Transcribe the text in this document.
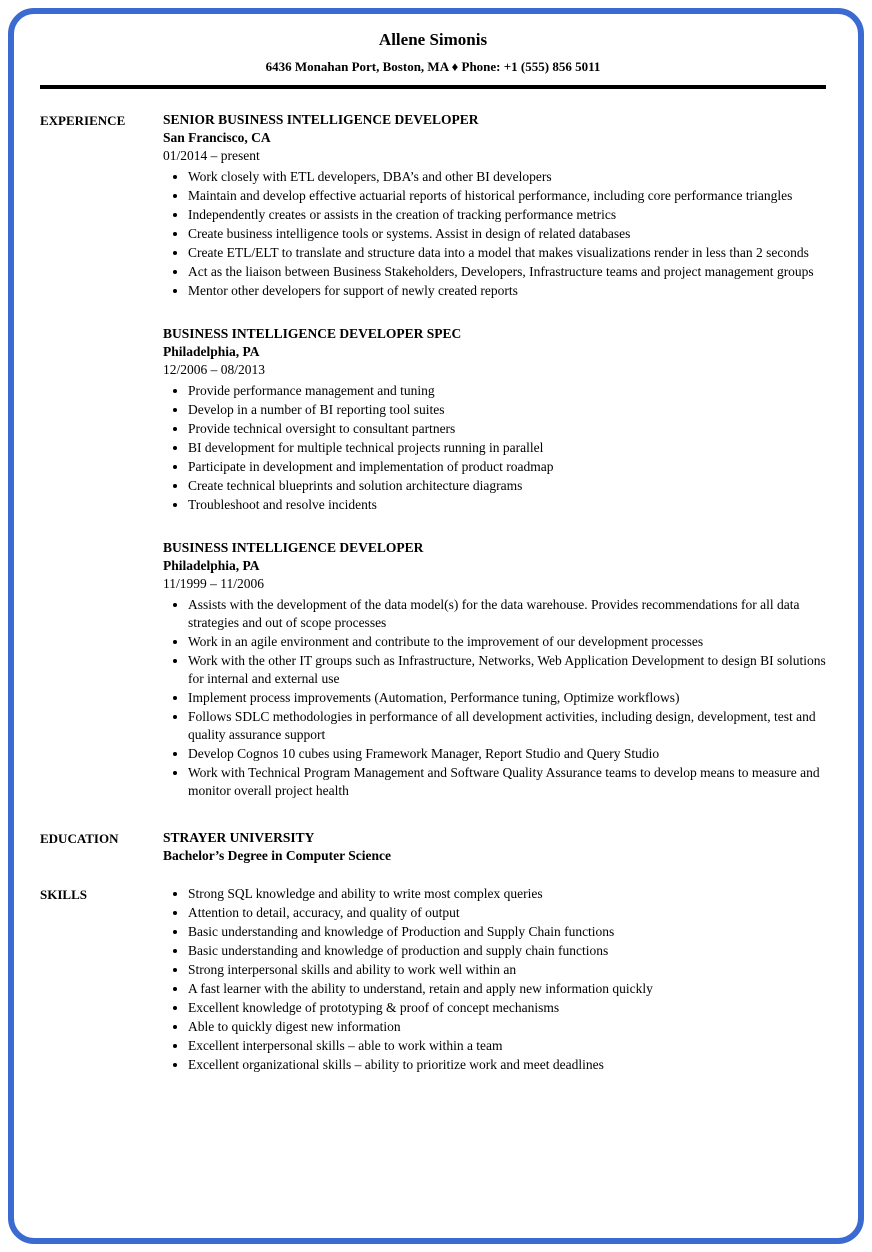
Allene Simonis
6436 Monahan Port, Boston, MA ♦ Phone: +1 (555) 856 5011
EXPERIENCE	SENIOR BUSINESS INTELLIGENCE DEVELOPER
San Francisco, CA
01/2014 – present
• Work closely with ETL developers, DBA’s and other BI developers
• Maintain and develop effective actuarial reports of historical performance, including core performance triangles
• Independently creates or assists in the creation of tracking performance metrics
• Create business intelligence tools or systems. Assist in design of related databases
• Create ETL/ELT to translate and structure data into a model that makes visualizations render in less than 2 seconds
• Act as the liaison between Business Stakeholders, Developers, Infrastructure teams and project management groups
• Mentor other developers for support of newly created reports
BUSINESS INTELLIGENCE DEVELOPER SPEC
Philadelphia, PA
12/2006 – 08/2013
• Provide performance management and tuning
• Develop in a number of BI reporting tool suites
• Provide technical oversight to consultant partners
• BI development for multiple technical projects running in parallel
• Participate in development and implementation of product roadmap
• Create technical blueprints and solution architecture diagrams
• Troubleshoot and resolve incidents
BUSINESS INTELLIGENCE DEVELOPER
Philadelphia, PA
11/1999 – 11/2006
• Assists with the development of the data model(s) for the data warehouse. Provides recommendations for all data strategies and out of scope processes
• Work in an agile environment and contribute to the improvement of our development processes
• Work with the other IT groups such as Infrastructure, Networks, Web Application Development to design BI solutions for internal and external use
• Implement process improvements (Automation, Performance tuning, Optimize workflows)
• Follows SDLC methodologies in performance of all development activities, including design, development, test and quality assurance support
• Develop Cognos 10 cubes using Framework Manager, Report Studio and Query Studio
• Work with Technical Program Management and Software Quality Assurance teams to develop means to measure and monitor overall project health
EDUCATION	STRAYER UNIVERSITY
Bachelor’s Degree in Computer Science
SKILLS	• Strong SQL knowledge and ability to write most complex queries
• Attention to detail, accuracy, and quality of output
• Basic understanding and knowledge of Production and Supply Chain functions
• Basic understanding and knowledge of production and supply chain functions
• Strong interpersonal skills and ability to work well within an
• A fast learner with the ability to understand, retain and apply new information quickly
• Excellent knowledge of prototyping & proof of concept mechanisms
• Able to quickly digest new information
• Excellent interpersonal skills – able to work within a team
• Excellent organizational skills – ability to prioritize work and meet deadlines
